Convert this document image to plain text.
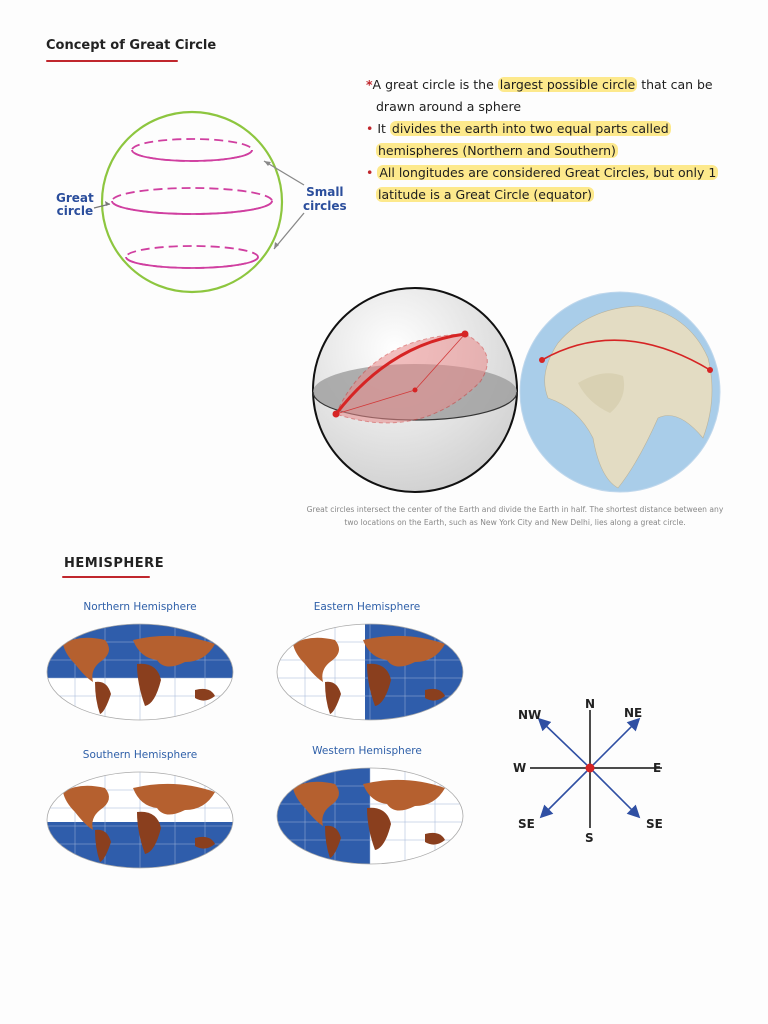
Concept of Great Circle
*A great circle is the largest possible circle that can be
drawn around a sphere
• It divides the earth into two equal parts called
hemispheres (Northern and Southern)
• All longitudes are considered Great Circles, but only 1
latitude is a Great Circle (equator)
Great
circle
Small
circles
Great circles intersect the center of the Earth and divide the Earth in half. The shortest distance between any
two locations on the Earth, such as New York City and New Delhi, lies along a great circle.
HEMISPHERE
Northern Hemisphere	Eastern Hemisphere
Southern Hemisphere	Western Hemisphere
N
NW	NE
W	E
SE	SE
S
